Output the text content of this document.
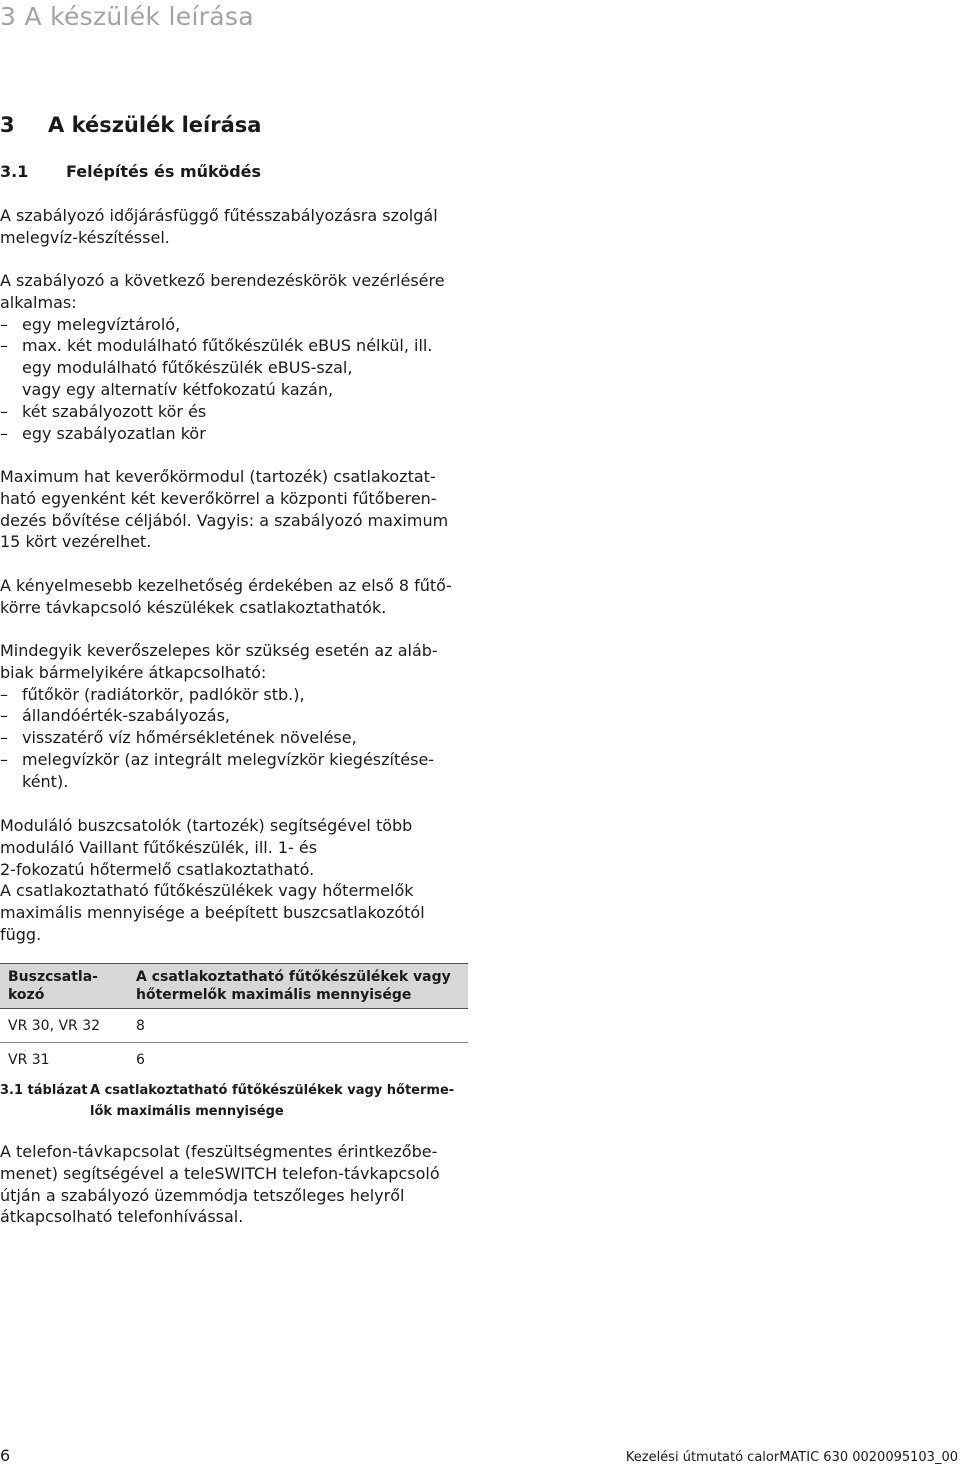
3 A készülék leírása
3 A készülék leírása
3.1 Felépítés és működés
A szabályozó időjárásfüggő fűtésszabályozásra szolgál
melegvíz-készítéssel.
A szabályozó a következő berendezéskörök vezérlésére
alkalmas:
– egy melegvíztároló,
– max. két modulálható fűtőkészülék eBUS nélkül, ill.
egy modulálható fűtőkészülék eBUS-szal,
vagy egy alternatív kétfokozatú kazán,
– két szabályozott kör és
– egy szabályozatlan kör
Maximum hat keverőkörmodul (tartozék) csatlakoztat-
ható egyenként két keverőkörrel a központi fűtőberen-
dezés bővítése céljából. Vagyis: a szabályozó maximum
15 kört vezérelhet.
A kényelmesebb kezelhetőség érdekében az első 8 fűtő-
körre távkapcsoló készülékek csatlakoztathatók.
Mindegyik keverőszelepes kör szükség esetén az aláb-
biak bármelyikére átkapcsolható:
– fűtőkör (radiátorkör, padlókör stb.),
– állandóérték-szabályozás,
– visszatérő víz hőmérsékletének növelése,
– melegvízkör (az integrált melegvízkör kiegészítése-
ként).
Moduláló buszcsatolók (tartozék) segítségével több
moduláló Vaillant fűtőkészülék, ill. 1- és
2-fokozatú hőtermelő csatlakoztatható.
A csatlakoztatható fűtőkészülékek vagy hőtermelők
maximális mennyisége a beépített buszcsatlakozótól
függ.
Buszcsatla-
kozó	A csatlakoztatható fűtőkészülékek vagy
hőtermelők maximális mennyisége
VR 30, VR 32	8
VR 31	6
3.1 táblázat A csatlakoztatható fűtőkészülékek vagy hőterme-
lők maximális mennyisége
A telefon-távkapcsolat (feszültségmentes érintkezőbe-
menet) segítségével a teleSWITCH telefon-távkapcsoló
útján a szabályozó üzemmódja tetszőleges helyről
átkapcsolható telefonhívással.
6	Kezelési útmutató calorMATIC 630 0020095103_00
